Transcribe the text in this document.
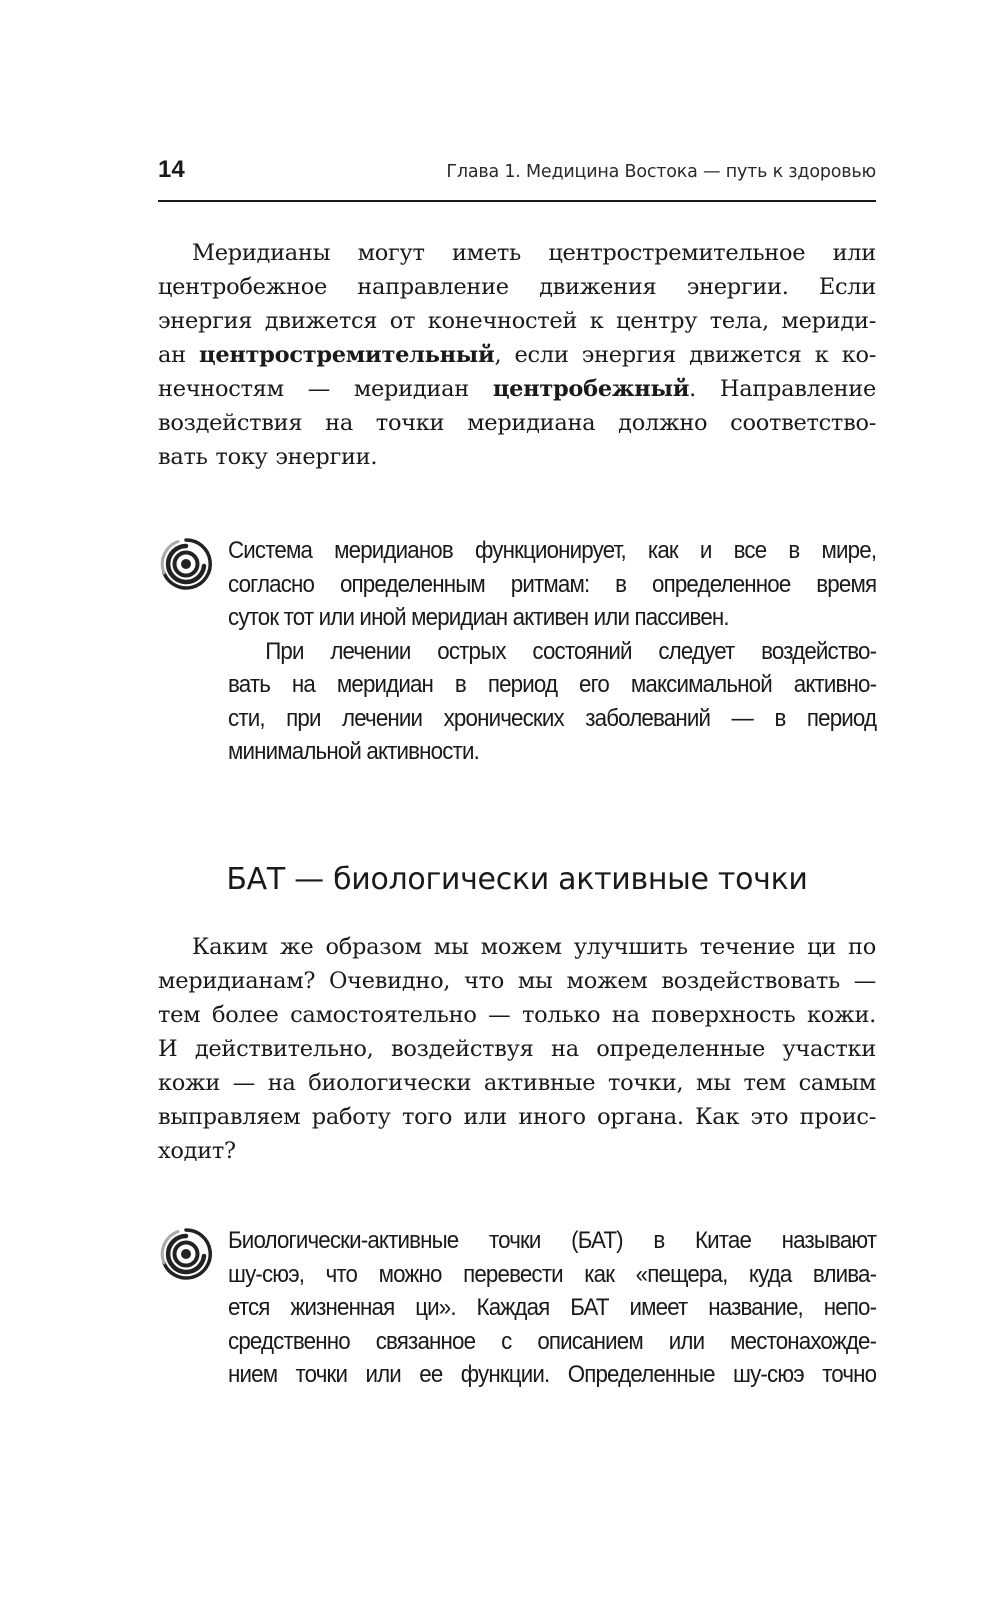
14	Глава 1. Медицина Востока — путь к здоровью
Меридианы могут иметь центростремительное или
центробежное направление движения энергии. Если
энергия движется от конечностей к центру тела, мериди-
ан центростремительный, если энергия движется к ко-
нечностям — меридиан центробежный. Направление
воздействия на точки меридиана должно соответство-
вать току энергии.
Система меридианов функционирует, как и все в мире,
согласно определенным ритмам: в определенное время
суток тот или иной меридиан активен или пассивен.
При лечении острых состояний следует воздейство-
вать на меридиан в период его максимальной активно-
сти, при лечении хронических заболеваний — в период
минимальной активности.
БАТ — биологически активные точки
Каким же образом мы можем улучшить течение ци по
меридианам? Очевидно, что мы можем воздействовать —
тем более самостоятельно — только на поверхность кожи.
И действительно, воздействуя на определенные участки
кожи — на биологически активные точки, мы тем самым
выправляем работу того или иного органа. Как это проис-
ходит?
Биологически-активные точки (БАТ) в Китае называют
шу-сюэ, что можно перевести как «пещера, куда влива-
ется жизненная ци». Каждая БАТ имеет название, непо-
средственно связанное с описанием или местонахожде-
нием точки или ее функции. Определенные шу-сюэ точно
